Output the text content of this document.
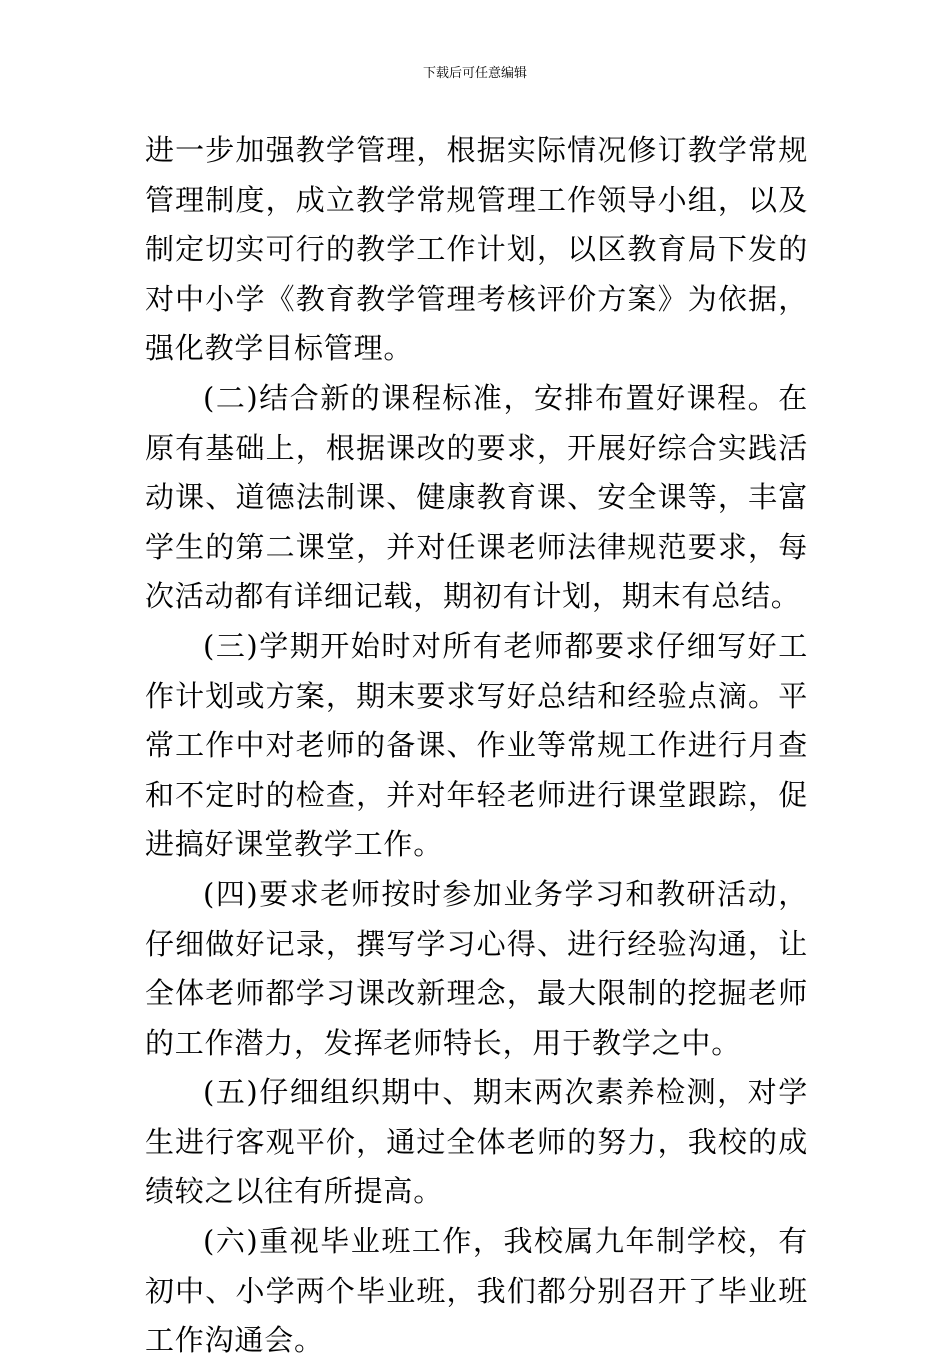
下载后可任意编辑

进一步加强教学管理，根据实际情况修订教学常规管理制度，成立教学常规管理工作领导小组，以及制定切实可行的教学工作计划，以区教育局下发的对中小学《教育教学管理考核评价方案》为依据，强化教学目标管理。

(二)结合新的课程标准，安排布置好课程。在原有基础上，根据课改的要求，开展好综合实践活动课、道德法制课、健康教育课、安全课等，丰富学生的第二课堂，并对任课老师法律规范要求，每次活动都有详细记载，期初有计划，期末有总结。

(三)学期开始时对所有老师都要求仔细写好工作计划或方案，期末要求写好总结和经验点滴。平常工作中对老师的备课、作业等常规工作进行月查和不定时的检查，并对年轻老师进行课堂跟踪，促进搞好课堂教学工作。

(四)要求老师按时参加业务学习和教研活动，仔细做好记录，撰写学习心得、进行经验沟通，让全体老师都学习课改新理念，最大限制的挖掘老师的工作潜力，发挥老师特长，用于教学之中。

(五)仔细组织期中、期末两次素养检测，对学生进行客观平价，通过全体老师的努力，我校的成绩较之以往有所提高。

(六)重视毕业班工作，我校属九年制学校，有初中、小学两个毕业班，我们都分别召开了毕业班工作沟通会。
